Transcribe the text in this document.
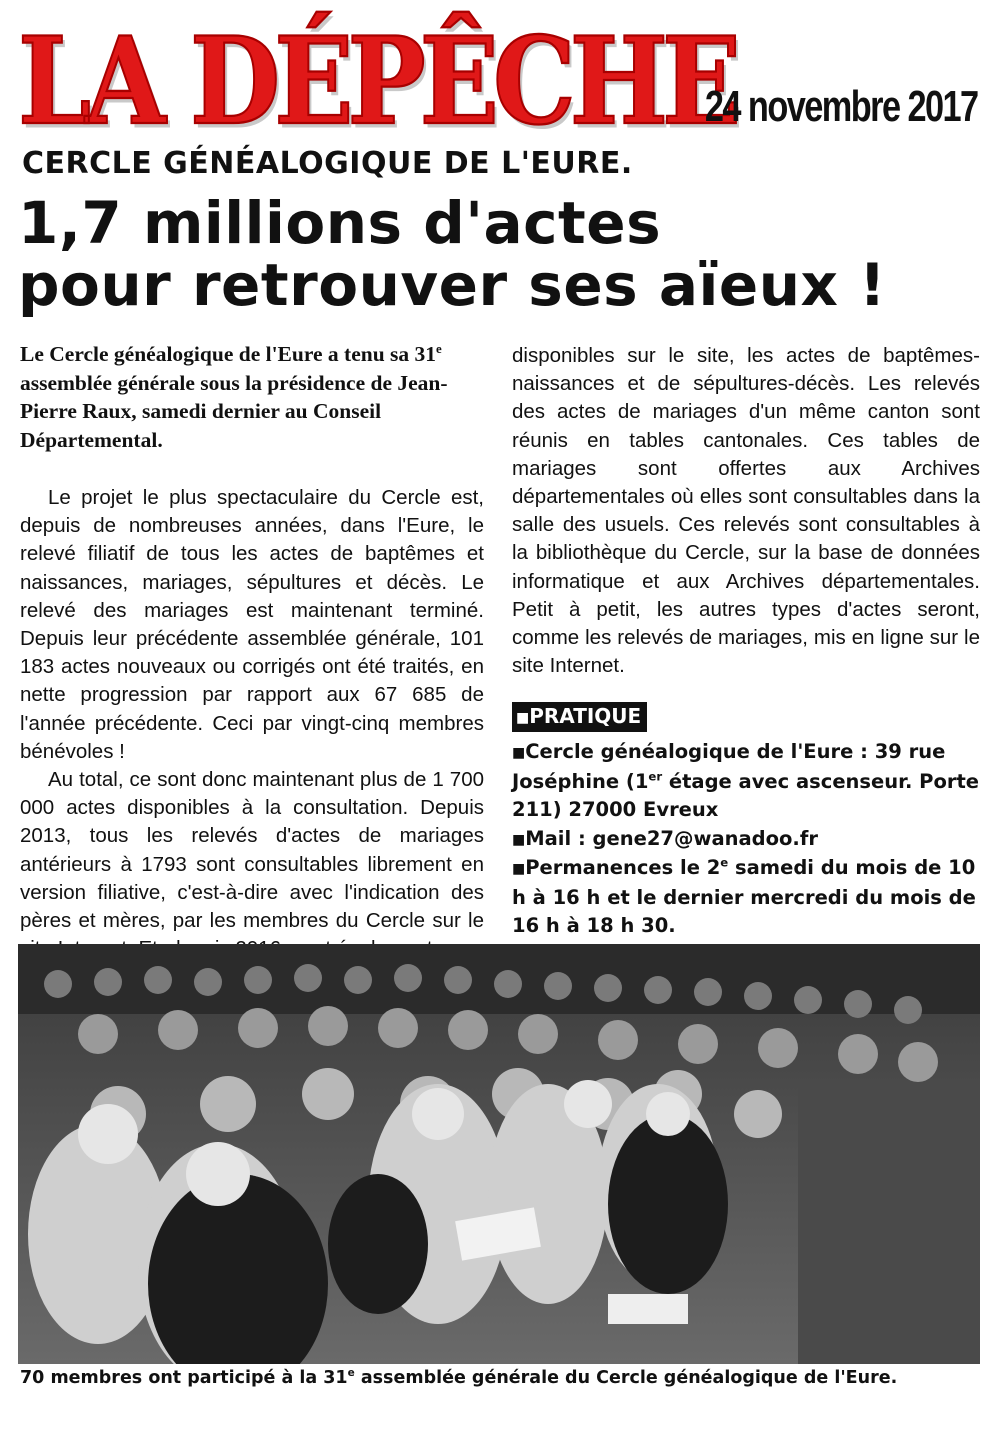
LA DÉPÊCHE
24 novembre 2017
CERCLE GÉNÉALOGIQUE DE L'EURE.
1,7 millions d'actes
pour retrouver ses aïeux !

Le Cercle généalogique de l'Eure a tenu sa 31e assemblée générale sous la présidence de Jean-Pierre Raux, samedi dernier au Conseil Départemental.

Le projet le plus spectaculaire du Cercle est, depuis de nombreuses années, dans l'Eure, le relevé filiatif de tous les actes de baptêmes et naissances, mariages, sépultures et décès. Le relevé des mariages est maintenant terminé. Depuis leur précédente assemblée générale, 101 183 actes nouveaux ou corrigés ont été traités, en nette progression par rapport aux 67 685 de l'année précédente. Ceci par vingt-cinq membres bénévoles !

Au total, ce sont donc maintenant plus de 1 700 000 actes disponibles à la consultation. Depuis 2013, tous les relevés d'actes de mariages antérieurs à 1793 sont consultables librement en version filiative, c'est-à-dire avec l'indication des pères et mères, par les membres du Cercle sur le

disponibles sur le site, les actes de baptêmes-naissances et de sépultures-décès. Les relevés des actes de mariages d'un même canton sont réunis en tables cantonales. Ces tables de mariages sont offertes aux Archives départementales où elles sont consultables dans la salle des usuels. Ces relevés sont consultables à la bibliothèque du Cercle, sur la base de données informatique et aux Archives départementales. Petit à petit, les autres types d'actes seront, comme les relevés de mariages, mis en ligne sur le site Internet.

■PRATIQUE
■Cercle généalogique de l'Eure : 39 rue Joséphine (1er étage avec ascenseur. Porte 211) 27000 Evreux
■Mail : gene27@wanadoo.fr
■Permanences le 2e samedi du mois de 10 h à 16 h et le dernier mercredi du mois de 16 h à 18 h 30.
70 membres ont participé à la 31e assemblée générale du Cercle généalogique de l'Eure.
